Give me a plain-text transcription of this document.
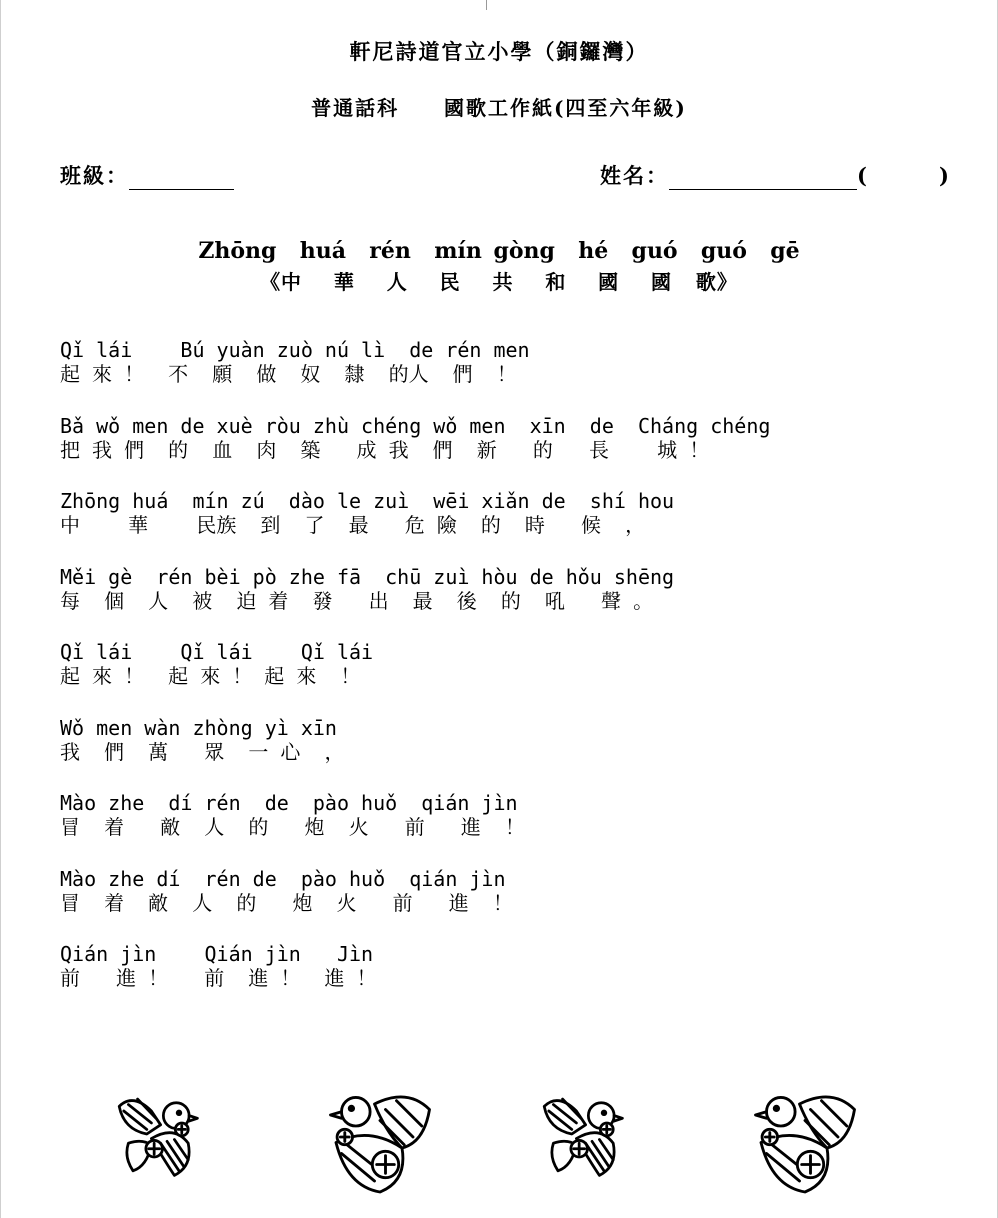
軒尼詩道官立小學（銅鑼灣）
普通話科     國歌工作紙(四至六年級)
班級：	姓名：	(	)
Zhōng  huá  rén  mín gòng  hé  guó  guó  gē
《中    華    人    民    共    和    國    國   歌》
Qǐ lái    Bú yuàn zuò nú lì  de rén men
起 來 ！  不  願  做  奴  隸  的人  們  ！
Bǎ wǒ men de xuè ròu zhù chéng wǒ men  xīn  de  Cháng chéng
把 我 們  的  血  肉  築   成 我  們  新   的   長    城 ！
Zhōng huá  mín zú  dào le zuì  wēi xiǎn de  shí hou
中    華    民族  到  了  最   危 險  的  時   候  ，
Měi gè  rén bèi pò zhe fā  chū zuì hòu de hǒu shēng
每  個  人  被  迫 着  發   出  最  後  的  吼   聲 。
Qǐ lái    Qǐ lái    Qǐ lái
起 來 ！  起 來 ！ 起 來  ！
Wǒ men wàn zhòng yì xīn
我  們  萬   眾  一 心  ，
Mào zhe  dí rén  de  pào huǒ  qián jìn
冒  着   敵  人  的   炮  火   前   進  ！
Mào zhe dí  rén de  pào huǒ  qián jìn
冒  着  敵  人  的   炮  火   前   進  ！
Qián jìn    Qián jìn   Jìn
前   進 ！   前  進 ！  進 ！
